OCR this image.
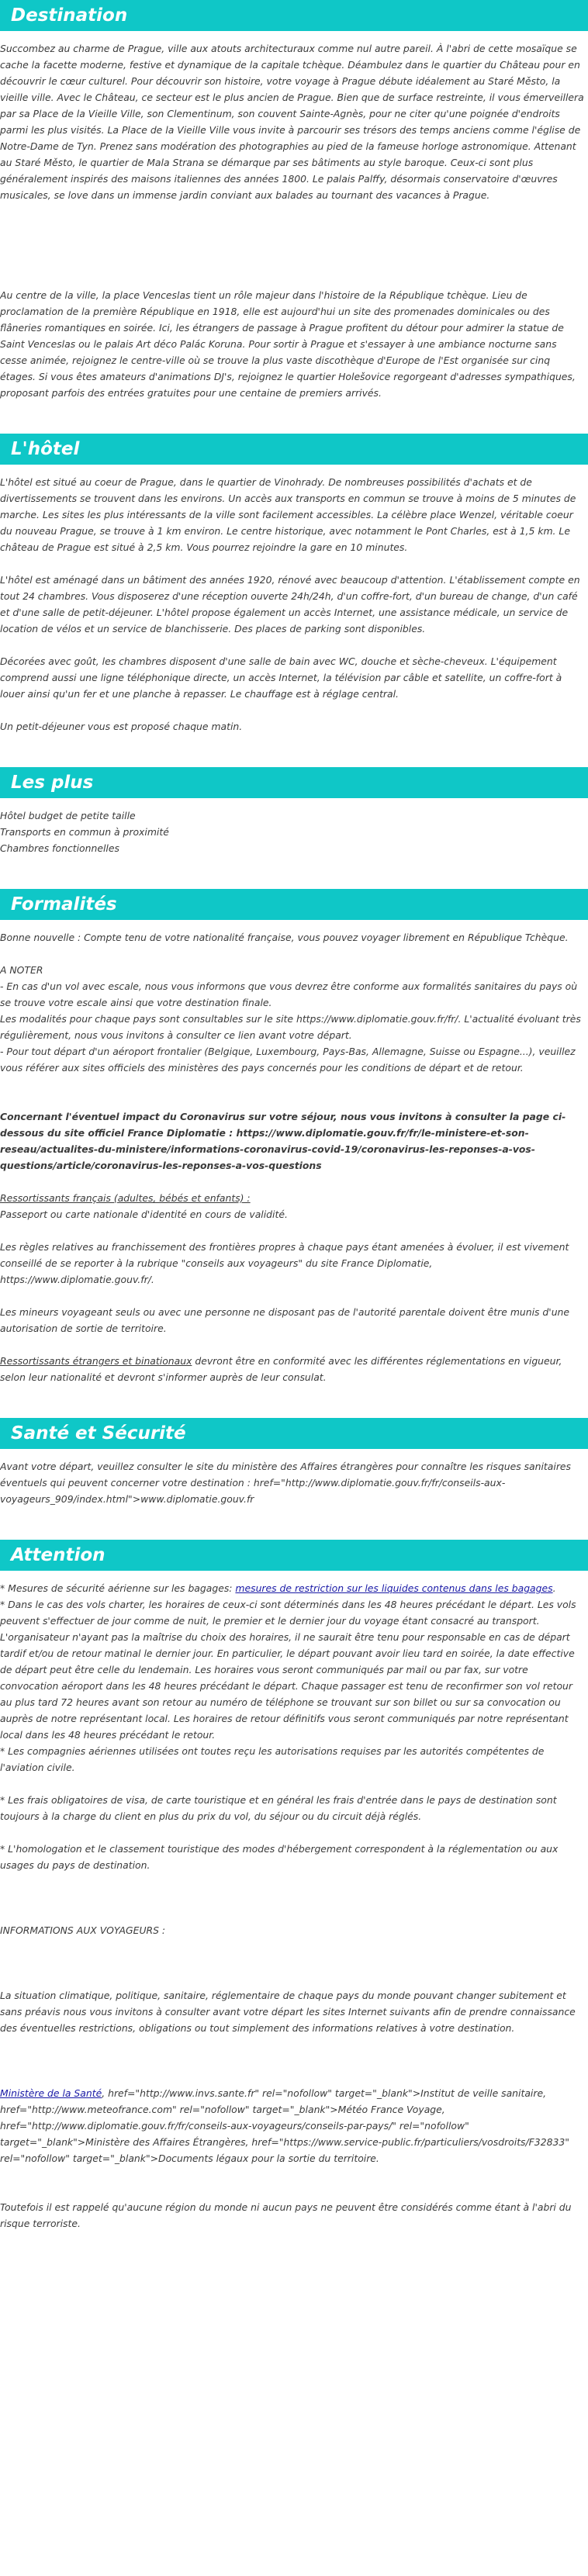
Destination

Succombez au charme de Prague, ville aux atouts architecturaux comme nul autre pareil. À l'abri de cette mosaïque se cache la facette moderne, festive et dynamique de la capitale tchèque. Déambulez dans le quartier du Château pour en découvrir le cœur culturel. Pour découvrir son histoire, votre voyage à Prague débute idéalement au Staré Město, la vieille ville. Avec le Château, ce secteur est le plus ancien de Prague. Bien que de surface restreinte, il vous émerveillera par sa Place de la Vieille Ville, son Clementinum, son couvent Sainte-Agnès, pour ne citer qu'une poignée d'endroits parmi les plus visités. La Place de la Vieille Ville vous invite à parcourir ses trésors des temps anciens comme l'église de Notre-Dame de Tyn. Prenez sans modération des photographies au pied de la fameuse horloge astronomique. Attenant au Staré Město, le quartier de Mala Strana se démarque par ses bâtiments au style baroque. Ceux-ci sont plus généralement inspirés des maisons italiennes des années 1800. Le palais Palffy, désormais conservatoire d'œuvres musicales, se love dans un immense jardin conviant aux balades au tournant des vacances à Prague.

Au centre de la ville, la place Venceslas tient un rôle majeur dans l'histoire de la République tchèque. Lieu de proclamation de la première République en 1918, elle est aujourd'hui un site des promenades dominicales ou des flâneries romantiques en soirée. Ici, les étrangers de passage à Prague profitent du détour pour admirer la statue de Saint Venceslas ou le palais Art déco Palác Koruna. Pour sortir à Prague et s'essayer à une ambiance nocturne sans cesse animée, rejoignez le centre-ville où se trouve la plus vaste discothèque d'Europe de l'Est organisée sur cinq étages. Si vous êtes amateurs d'animations DJ's, rejoignez le quartier Holešovice regorgeant d'adresses sympathiques, proposant parfois des entrées gratuites pour une centaine de premiers arrivés.

L'hôtel

L'hôtel est situé au coeur de Prague, dans le quartier de Vinohrady. De nombreuses possibilités d'achats et de divertissements se trouvent dans les environs. Un accès aux transports en commun se trouve à moins de 5 minutes de marche. Les sites les plus intéressants de la ville sont facilement accessibles. La célèbre place Wenzel, véritable coeur du nouveau Prague, se trouve à 1 km environ. Le centre historique, avec notamment le Pont Charles, est à 1,5 km. Le château de Prague est situé à 2,5 km. Vous pourrez rejoindre la gare en 10 minutes.

L'hôtel est aménagé dans un bâtiment des années 1920, rénové avec beaucoup d'attention. L'établissement compte en tout 24 chambres. Vous disposerez d'une réception ouverte 24h/24h, d'un coffre-fort, d'un bureau de change, d'un café et d'une salle de petit-déjeuner. L'hôtel propose également un accès Internet, une assistance médicale, un service de location de vélos et un service de blanchisserie. Des places de parking sont disponibles.

Décorées avec goût, les chambres disposent d'une salle de bain avec WC, douche et sèche-cheveux. L'équipement comprend aussi une ligne téléphonique directe, un accès Internet, la télévision par câble et satellite, un coffre-fort à louer ainsi qu'un fer et une planche à repasser. Le chauffage est à réglage central.

Un petit-déjeuner vous est proposé chaque matin.

Les plus

Hôtel budget de petite taille

Transports en commun à proximité

Chambres fonctionnelles

Formalités

Bonne nouvelle : Compte tenu de votre nationalité française, vous pouvez voyager librement en République Tchèque.

A NOTER

- En cas d'un vol avec escale, nous vous informons que vous devrez être conforme aux formalités sanitaires du pays où se trouve votre escale ainsi que votre destination finale.

Les modalités pour chaque pays sont consultables sur le site https://www.diplomatie.gouv.fr/fr/. L'actualité évoluant très régulièrement, nous vous invitons à consulter ce lien avant votre départ.

- Pour tout départ d'un aéroport frontalier (Belgique, Luxembourg, Pays-Bas, Allemagne, Suisse ou Espagne...), veuillez vous référer aux sites officiels des ministères des pays concernés pour les conditions de départ et de retour.

Concernant l'éventuel impact du Coronavirus sur votre séjour, nous vous invitons à consulter la page ci-dessous du site officiel France Diplomatie : https://www.diplomatie.gouv.fr/fr/le-ministere-et-son-reseau/actualites-du-ministere/informations-coronavirus-covid-19/coronavirus-les-reponses-a-vos-questions/article/coronavirus-les-reponses-a-vos-questions

Ressortissants français (adultes, bébés et enfants) :

Passeport ou carte nationale d'identité en cours de validité.

Les règles relatives au franchissement des frontières propres à chaque pays étant amenées à évoluer, il est vivement conseillé de se reporter à la rubrique "conseils aux voyageurs" du site France Diplomatie, https://www.diplomatie.gouv.fr/.

Les mineurs voyageant seuls ou avec une personne ne disposant pas de l'autorité parentale doivent être munis d'une autorisation de sortie de territoire.

Ressortissants étrangers et binationaux devront être en conformité avec les différentes réglementations en vigueur, selon leur nationalité et devront s'informer auprès de leur consulat.

Santé et Sécurité

Avant votre départ, veuillez consulter le site du ministère des Affaires étrangères pour connaître les risques sanitaires éventuels qui peuvent concerner votre destination : href="http://www.diplomatie.gouv.fr/fr/conseils-aux-voyageurs_909/index.html">www.diplomatie.gouv.fr

Attention

* Mesures de sécurité aérienne sur les bagages: mesures de restriction sur les liquides contenus dans les bagages.

* Dans le cas des vols charter, les horaires de ceux-ci sont déterminés dans les 48 heures précédant le départ. Les vols peuvent s'effectuer de jour comme de nuit, le premier et le dernier jour du voyage étant consacré au transport. L'organisateur n'ayant pas la maîtrise du choix des horaires, il ne saurait être tenu pour responsable en cas de départ tardif et/ou de retour matinal le dernier jour. En particulier, le départ pouvant avoir lieu tard en soirée, la date effective de départ peut être celle du lendemain. Les horaires vous seront communiqués par mail ou par fax, sur votre convocation aéroport dans les 48 heures précédant le départ. Chaque passager est tenu de reconfirmer son vol retour au plus tard 72 heures avant son retour au numéro de téléphone se trouvant sur son billet ou sur sa convocation ou auprès de notre représentant local. Les horaires de retour définitifs vous seront communiqués par notre représentant local dans les 48 heures précédant le retour.

* Les compagnies aériennes utilisées ont toutes reçu les autorisations requises par les autorités compétentes de l'aviation civile.

* Les frais obligatoires de visa, de carte touristique et en général les frais d'entrée dans le pays de destination sont toujours à la charge du client en plus du prix du vol, du séjour ou du circuit déjà réglés.

* L'homologation et le classement touristique des modes d'hébergement correspondent à la réglementation ou aux usages du pays de destination.

INFORMATIONS AUX VOYAGEURS :

La situation climatique, politique, sanitaire, réglementaire de chaque pays du monde pouvant changer subitement et sans préavis nous vous invitons à consulter avant votre départ les sites Internet suivants afin de prendre connaissance des éventuelles restrictions, obligations ou tout simplement des informations relatives à votre destination.

Ministère de la Santé, href="http://www.invs.sante.fr" rel="nofollow" target="_blank">Institut de veille sanitaire, href="http://www.meteofrance.com" rel="nofollow" target="_blank">Météo France Voyage, href="http://www.diplomatie.gouv.fr/fr/conseils-aux-voyageurs/conseils-par-pays/" rel="nofollow" target="_blank">Ministère des Affaires Étrangères, href="https://www.service-public.fr/particuliers/vosdroits/F32833" rel="nofollow" target="_blank">Documents légaux pour la sortie du territoire.

Toutefois il est rappelé qu'aucune région du monde ni aucun pays ne peuvent être considérés comme étant à l'abri du risque terroriste.
